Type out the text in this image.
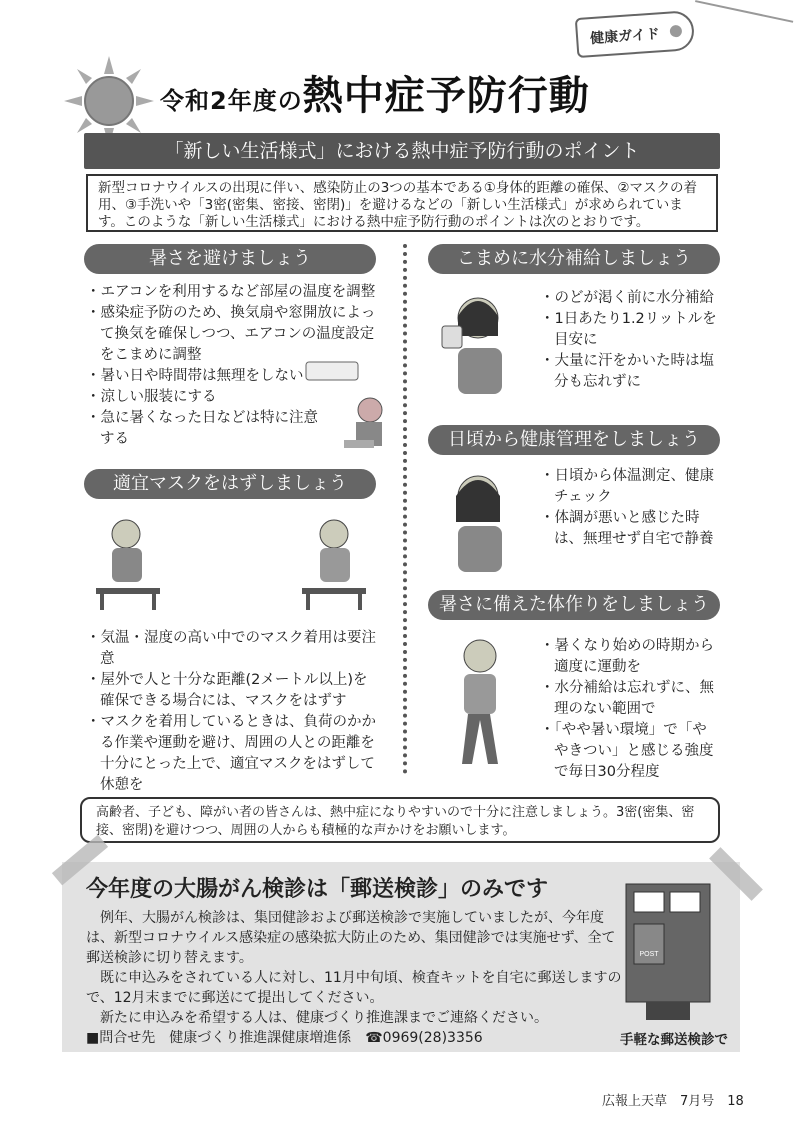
健康ガイド
令和2年度の熱中症予防行動
「新しい生活様式」における熱中症予防行動のポイント
新型コロナウイルスの出現に伴い、感染防止の3つの基本である①身体的距離の確保、②マスクの着用、③手洗いや「3密(密集、密接、密閉)」を避けるなどの「新しい生活様式」が求められています。このような「新しい生活様式」における熱中症予防行動のポイントは次のとおりです。
暑さを避けましょう
・エアコンを利用するなど部屋の温度を調整
・感染症予防のため、換気扇や窓開放によって換気を確保しつつ、エアコンの温度設定をこまめに調整
・暑い日や時間帯は無理をしない
・涼しい服装にする
・急に暑くなった日などは特に注意する
適宜マスクをはずしましょう
・気温・湿度の高い中でのマスク着用は要注意
・屋外で人と十分な距離(2メートル以上)を確保できる場合には、マスクをはずす
・マスクを着用しているときは、負荷のかかる作業や運動を避け、周囲の人との距離を十分にとった上で、適宜マスクをはずして休憩を
こまめに水分補給しましょう
・のどが渇く前に水分補給
・1日あたり1.2リットルを目安に
・大量に汗をかいた時は塩分も忘れずに
日頃から健康管理をしましょう
・日頃から体温測定、健康チェック
・体調が悪いと感じた時は、無理せず自宅で静養
暑さに備えた体作りをしましょう
・暑くなり始めの時期から適度に運動を
・水分補給は忘れずに、無理のない範囲で
・「やや暑い環境」で「ややきつい」と感じる強度で毎日30分程度
高齢者、子ども、障がい者の皆さんは、熱中症になりやすいので十分に注意しましょう。3密(密集、密接、密閉)を避けつつ、周囲の人からも積極的な声かけをお願いします。
今年度の大腸がん検診は「郵送検診」のみです

例年、大腸がん検診は、集団健診および郵送検診で実施していましたが、今年度は、新型コロナウイルス感染症の感染拡大防止のため、集団健診では実施せず、全て郵送検診に切り替えます。

既に申込みをされている人に対し、11月中旬頃、検査キットを自宅に郵送しますので、12月末までに郵送にて提出してください。

新たに申込みを希望する人は、健康づくり推進課までご連絡ください。

■問合せ先　健康づくり推進課健康増進係　☎0969(28)3356
POST
手軽な郵送検診で
広報上天草　7月号　18
